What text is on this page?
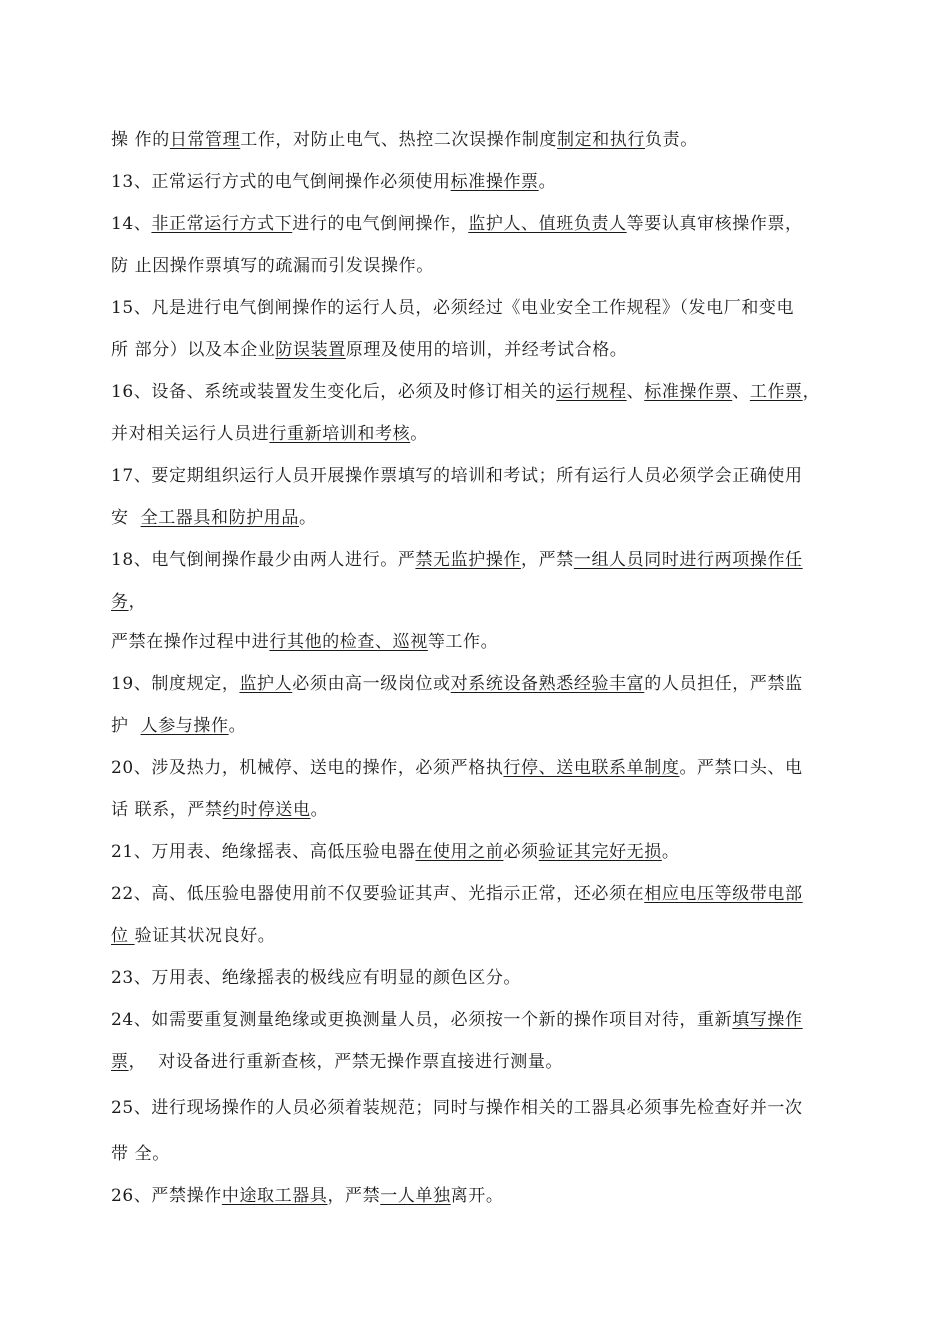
操 作的日常管理工作，对防止电气、热控二次误操作制度制定和执行负责。
13、正常运行方式的电气倒闸操作必须使用标准操作票。
14、非正常运行方式下进行的电气倒闸操作，监护人、值班负责人等要认真审核操作票，
防 止因操作票填写的疏漏而引发误操作。
15、凡是进行电气倒闸操作的运行人员，必须经过《电业安全工作规程》（发电厂和变电
所 部分）以及本企业防误装置原理及使用的培训，并经考试合格。
16、设备、系统或装置发生变化后，必须及时修订相关的运行规程、标准操作票、工作票，
并对相关运行人员进行重新培训和考核。
17、要定期组织运行人员开展操作票填写的培训和考试；所有运行人员必须学会正确使用
安  全工器具和防护用品。
18、电气倒闸操作最少由两人进行。严禁无监护操作，严禁一组人员同时进行两项操作任
务，
严禁在操作过程中进行其他的检查、巡视等工作。
19、制度规定，监护人必须由高一级岗位或对系统设备熟悉经验丰富的人员担任，严禁监
护  人参与操作。
20、涉及热力，机械停、送电的操作，必须严格执行停、送电联系单制度。严禁口头、电
话 联系，严禁约时停送电。
21、万用表、绝缘摇表、高低压验电器在使用之前必须验证其完好无损。
22、高、低压验电器使用前不仅要验证其声、光指示正常，还必须在相应电压等级带电部
位 验证其状况良好。
23、万用表、绝缘摇表的极线应有明显的颜色区分。
24、如需要重复测量绝缘或更换测量人员，必须按一个新的操作项目对待，重新填写操作
票，  对设备进行重新查核，严禁无操作票直接进行测量。
25、进行现场操作的人员必须着装规范；同时与操作相关的工器具必须事先检查好并一次
带 全。
26、严禁操作中途取工器具，严禁一人单独离开。
